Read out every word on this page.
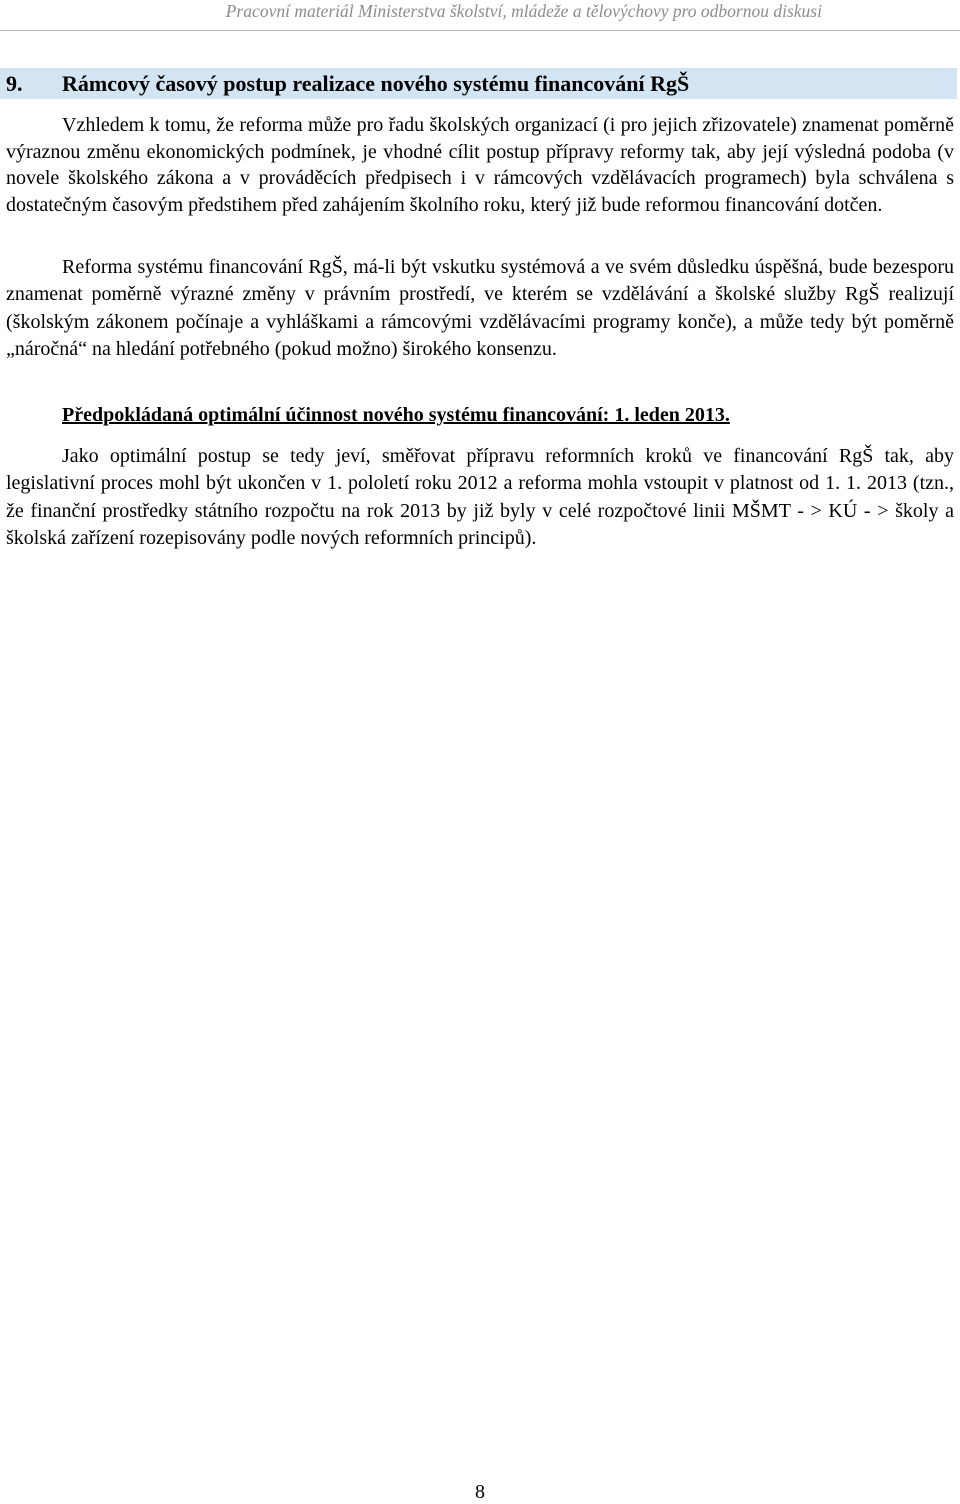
Pracovní materiál Ministerstva školství, mládeže a tělovýchovy pro odbornou diskusi
9. Rámcový časový postup realizace nového systému financování RgŠ

Vzhledem k tomu, že reforma může pro řadu školských organizací (i pro jejich zřizovatele) znamenat poměrně výraznou změnu ekonomických podmínek, je vhodné cílit postup přípravy reformy tak, aby její výsledná podoba (v novele školského zákona a v prováděcích předpisech i v rámcových vzdělávacích programech) byla schválena s dostatečným časovým předstihem před zahájením školního roku, který již bude reformou financování dotčen.

Reforma systému financování RgŠ, má-li být vskutku systémová a ve svém důsledku úspěšná, bude bezesporu znamenat poměrně výrazné změny v právním prostředí, ve kterém se vzdělávání a školské služby RgŠ realizují (školským zákonem počínaje a vyhláškami a rámcovými vzdělávacími programy konče), a může tedy být poměrně „náročná“ na hledání potřebného (pokud možno) širokého konsenzu.

Předpokládaná optimální účinnost nového systému financování: 1. leden 2013.

Jako optimální postup se tedy jeví, směřovat přípravu reformních kroků ve financování RgŠ tak, aby legislativní proces mohl být ukončen v 1. pololetí roku 2012 a reforma mohla vstoupit v platnost od 1. 1. 2013 (tzn., že finanční prostředky státního rozpočtu na rok 2013 by již byly v celé rozpočtové linii MŠMT - > KÚ - > školy a školská zařízení rozepisovány podle nových reformních principů).

8
